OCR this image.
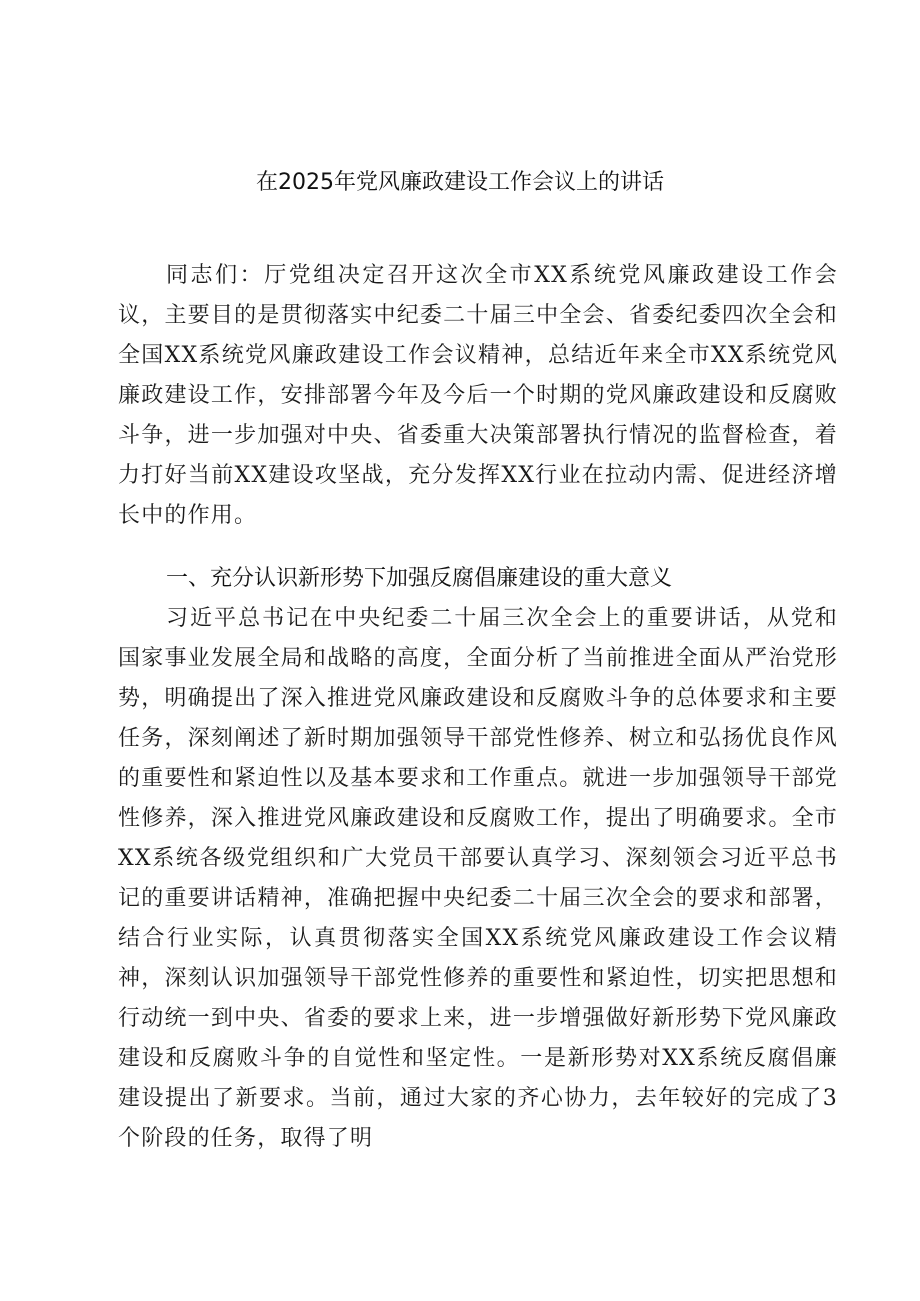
在2025年党风廉政建设工作会议上的讲话

同志们：厅党组决定召开这次全市XX系统党风廉政建设工作会议，主要目的是贯彻落实中纪委二十届三中全会、省委纪委四次全会和全国XX系统党风廉政建设工作会议精神，总结近年来全市XX系统党风廉政建设工作，安排部署今年及今后一个时期的党风廉政建设和反腐败斗争，进一步加强对中央、省委重大决策部署执行情况的监督检查，着力打好当前XX建设攻坚战，充分发挥XX行业在拉动内需、促进经济增长中的作用。

一、充分认识新形势下加强反腐倡廉建设的重大意义

习近平总书记在中央纪委二十届三次全会上的重要讲话，从党和国家事业发展全局和战略的高度，全面分析了当前推进全面从严治党形势，明确提出了深入推进党风廉政建设和反腐败斗争的总体要求和主要任务，深刻阐述了新时期加强领导干部党性修养、树立和弘扬优良作风的重要性和紧迫性以及基本要求和工作重点。就进一步加强领导干部党性修养，深入推进党风廉政建设和反腐败工作，提出了明确要求。全市XX系统各级党组织和广大党员干部要认真学习、深刻领会习近平总书记的重要讲话精神，准确把握中央纪委二十届三次全会的要求和部署，结合行业实际，认真贯彻落实全国XX系统党风廉政建设工作会议精神，深刻认识加强领导干部党性修养的重要性和紧迫性，切实把思想和行动统一到中央、省委的要求上来，进一步增强做好新形势下党风廉政建设和反腐败斗争的自觉性和坚定性。一是新形势对XX系统反腐倡廉建设提出了新要求。当前，通过大家的齐心协力，去年较好的完成了3个阶段的任务，取得了明
